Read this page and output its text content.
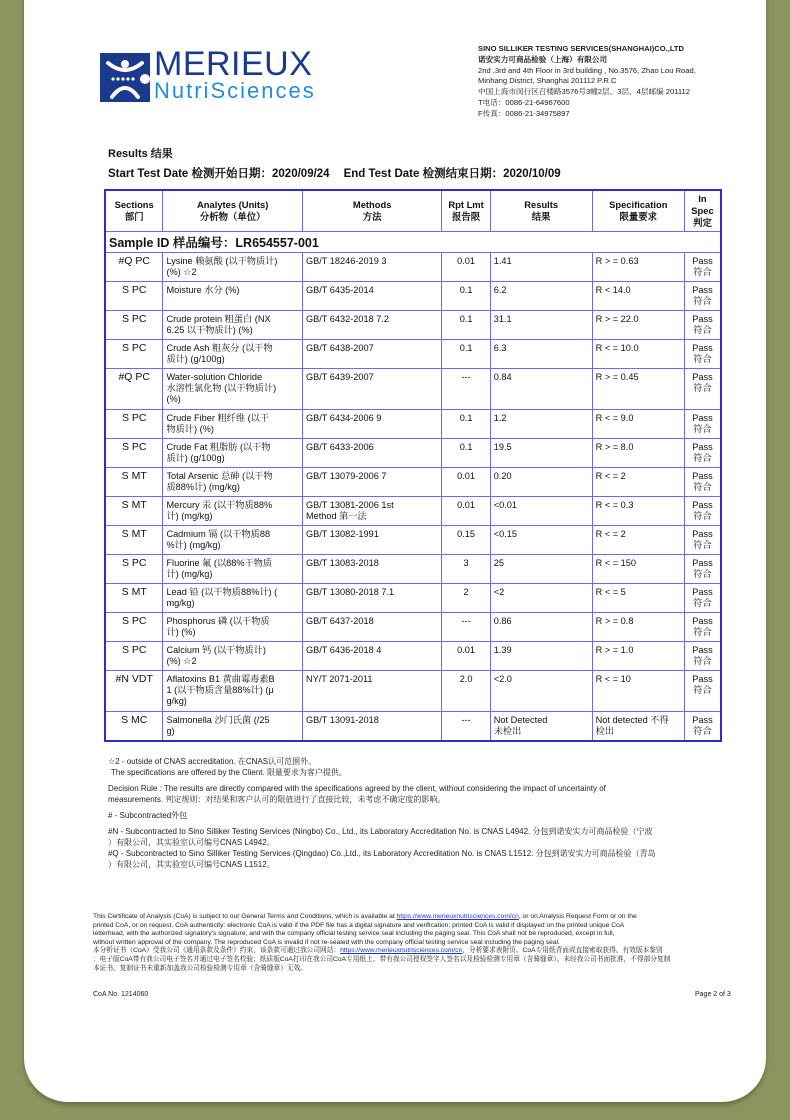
MERIEUX
NutriSciences
SINO SILLIKER TESTING SERVICES(SHANGHAI)CO.,LTD
诺安实力可商品检验（上海）有限公司
2nd ,3rd and 4th Floor in 3rd building , No.3576, Zhao Lou Road,
Minhang District, Shanghai 201112 P.R.C
中国上海市闵行区召楼路3576号3幢2层、3层、4层邮编 201112
T电话：0086-21-64967600
F传真：0086-21-34975897
Results 结果
Start Test Date 检测开始日期：2020/09/24 End Test Date 检测结束日期：2020/10/09
Sections
部门	Analytes (Units)
分析物（单位）	Methods
方法	Rpt Lmt
报告限	Results
结果	Specification
限量要求	In Spec
判定

Sample ID 样品编号：LR654557-001						
#Q PC	Lysine 赖氨酸 (以干物质计)
(%) ☆2	GB/T 18246-2019 3	0.01	1.41	R > = 0.63	Pass
符合

S PC	Moisture 水分 (%)	GB/T 6435-2014	0.1	6.2	R < 14.0	Pass
符合

S PC	Crude protein 粗蛋白 (NX
6.25 以干物质计) (%)	GB/T 6432-2018 7.2	0.1	31.1	R > = 22.0	Pass
符合

S PC	Crude Ash 粗灰分 (以干物
质计) (g/100g)	GB/T 6438-2007	0.1	6.3	R < = 10.0	Pass
符合

#Q PC	Water-solution Chloride
水溶性氯化物 (以干物质计)
(%)	GB/T 6439-2007	---	0.84	R > = 0.45	Pass
符合

S PC	Crude Fiber 粗纤维 (以干
物质计) (%)	GB/T 6434-2006 9	0.1	1.2	R < = 9.0	Pass
符合

S PC	Crude Fat 粗脂肪 (以干物
质计) (g/100g)	GB/T 6433-2006	0.1	19.5	R > = 8.0	Pass
符合

S MT	Total Arsenic 总砷 (以干物
质88%计) (mg/kg)	GB/T 13079-2006 7	0.01	0.20	R < = 2	Pass
符合

S MT	Mercury 汞 (以干物质88%
计) (mg/kg)	GB/T 13081-2006 1st
Method 第一法	0.01	<0.01	R < = 0.3	Pass
符合

S MT	Cadmium 镉 (以干物质88
%计) (mg/kg)	GB/T 13082-1991	0.15	<0.15	R < = 2	Pass
符合

S PC	Fluorine 氟 (以88%干物质
计) (mg/kg)	GB/T 13083-2018	3	25	R < = 150	Pass
符合

S MT	Lead 铅 (以干物质88%计) (
mg/kg)	GB/T 13080-2018 7.1	2	<2	R < = 5	Pass
符合

S PC	Phosphorus 磷 (以干物质
计) (%)	GB/T 6437-2018	---	0.86	R > = 0.8	Pass
符合

S PC	Calcium 钙 (以干物质计)
(%) ☆2	GB/T 6436-2018 4	0.01	1.39	R > = 1.0	Pass
符合

#N VDT	Aflatoxins B1 黄曲霉毒素B
1 (以干物质含量88%计) (μ
g/kg)	NY/T 2071-2011	2.0	<2.0	R < = 10	Pass
符合

S MC	Salmonella 沙门氏菌 (/25
g)	GB/T 13091-2018	---	Not Detected
未检出	Not detected 不得
检出	Pass
符合
☆2 - outside of CNAS accreditation. 在CNAS认可范围外。
The specifications are offered by the Client. 限量要求为客户提供。
Decision Rule : The results are directly compared with the specifications agreed by the client, without considering the impact of uncertainty of
measurements. 判定规则：对结果和客户认可的限值进行了直接比较，未考虑不确定度的影响。
# - Subcontracted外包
#N - Subcontracted to Sino Silliker Testing Services (Ningbo) Co., Ltd., its Laboratory Accreditation No. is CNAS L4942. 分包到诺安实力可商品检验（宁波
）有限公司，其实验室认可编号CNAS L4942。
#Q - Subcontracted to Sino Silliker Testing Services (Qingdao) Co.,Ltd., its Laboratory Accreditation No. is CNAS L1512. 分包到诺安实力可商品检验（青岛
）有限公司，其实验室认可编号CNAS L1512。
This Certificate of Analysis (CoA) is subject to our General Terms and Conditions, which is available at https://www.merieuxnutrisciences.com/cn, or on Analysis Request Form or on the
printed CoA, or on request. CoA authenticity: electronic CoA is valid if the PDF file has a digital signature and verification; printed CoA is valid if displayed on the printed unique CoA
letterhead, with the authorized signatory's signature, and with the company official testing service seal including the paging seal. This CoA shall not be reproduced, except in full,
without written approval of the company. The reproduced CoA is invalid if not re-sealed with the company official testing service seal including the paging seal.
本分析证书（CoA）受我公司《通用条款及条件》约束，该条款可通过我公司网站：https://www.merieuxnutrisciences.com/cn，分析要求表附页、CoA专用纸背面或直接索取获得。有效版本鉴别
：电子版CoA带有我公司电子签名并通过电子签名校验；纸质版CoA打印在我公司CoA专用纸上、带有我公司授权签字人签名以及检验检测专用章（含骑缝章）。未经我公司书面批准，不得部分复制
本证书。复制证书未重新加盖我公司检验检测专用章（含骑缝章）无效。
CoA No. 1214060	Page 2 of 3
